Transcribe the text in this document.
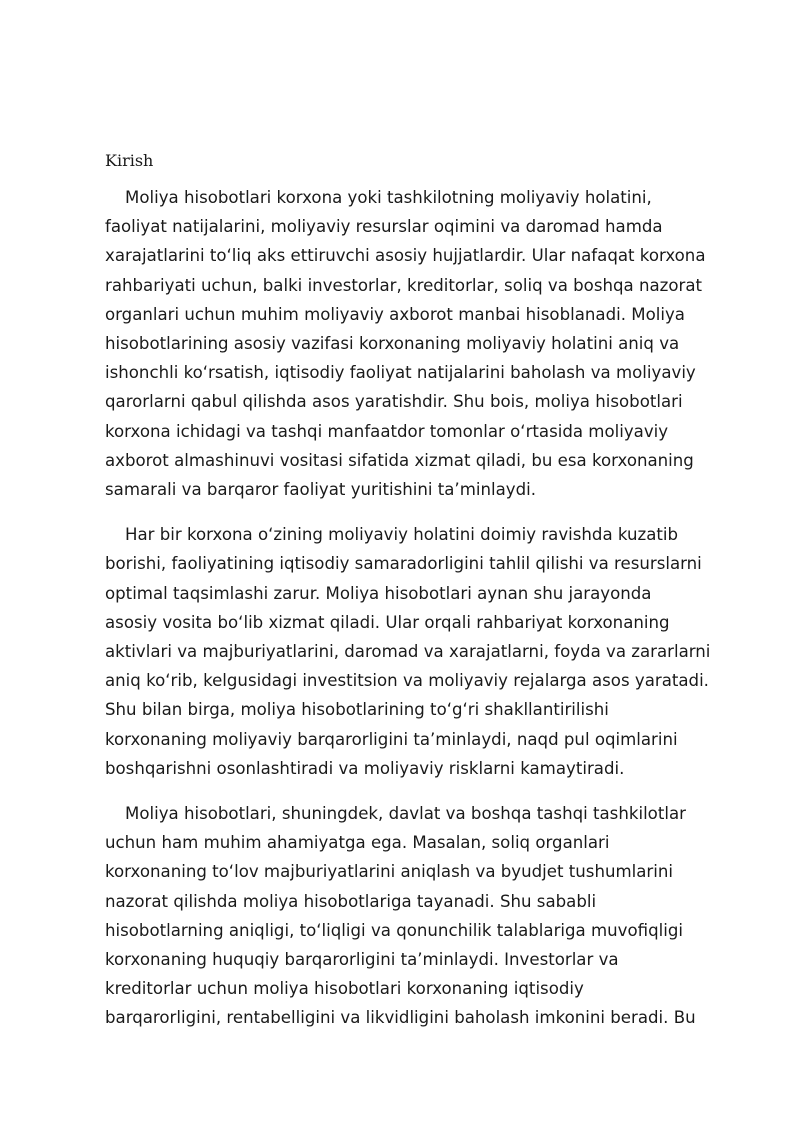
Kirish

Moliya hisobotlari korxona yoki tashkilotning moliyaviy holatini,
faoliyat natijalarini, moliyaviy resurslar oqimini va daromad hamda
xarajatlarini to‘liq aks ettiruvchi asosiy hujjatlardir. Ular nafaqat korxona
rahbariyati uchun, balki investorlar, kreditorlar, soliq va boshqa nazorat
organlari uchun muhim moliyaviy axborot manbai hisoblanadi. Moliya
hisobotlarining asosiy vazifasi korxonaning moliyaviy holatini aniq va
ishonchli ko‘rsatish, iqtisodiy faoliyat natijalarini baholash va moliyaviy
qarorlarni qabul qilishda asos yaratishdir. Shu bois, moliya hisobotlari
korxona ichidagi va tashqi manfaatdor tomonlar o‘rtasida moliyaviy
axborot almashinuvi vositasi sifatida xizmat qiladi, bu esa korxonaning
samarali va barqaror faoliyat yuritishini ta’minlaydi.

Har bir korxona o‘zining moliyaviy holatini doimiy ravishda kuzatib
borishi, faoliyatining iqtisodiy samaradorligini tahlil qilishi va resurslarni
optimal taqsimlashi zarur. Moliya hisobotlari aynan shu jarayonda
asosiy vosita bo‘lib xizmat qiladi. Ular orqali rahbariyat korxonaning
aktivlari va majburiyatlarini, daromad va xarajatlarni, foyda va zararlarni
aniq ko‘rib, kelgusidagi investitsion va moliyaviy rejalarga asos yaratadi.
Shu bilan birga, moliya hisobotlarining to‘g‘ri shakllantirilishi
korxonaning moliyaviy barqarorligini ta’minlaydi, naqd pul oqimlarini
boshqarishni osonlashtiradi va moliyaviy risklarni kamaytiradi.

Moliya hisobotlari, shuningdek, davlat va boshqa tashqi tashkilotlar
uchun ham muhim ahamiyatga ega. Masalan, soliq organlari
korxonaning to‘lov majburiyatlarini aniqlash va byudjet tushumlarini
nazorat qilishda moliya hisobotlariga tayanadi. Shu sababli
hisobotlarning aniqligi, to‘liqligi va qonunchilik talablariga muvofiqligi
korxonaning huquqiy barqarorligini ta’minlaydi. Investorlar va
kreditorlar uchun moliya hisobotlari korxonaning iqtisodiy
barqarorligini, rentabelligini va likvidligini baholash imkonini beradi. Bu
